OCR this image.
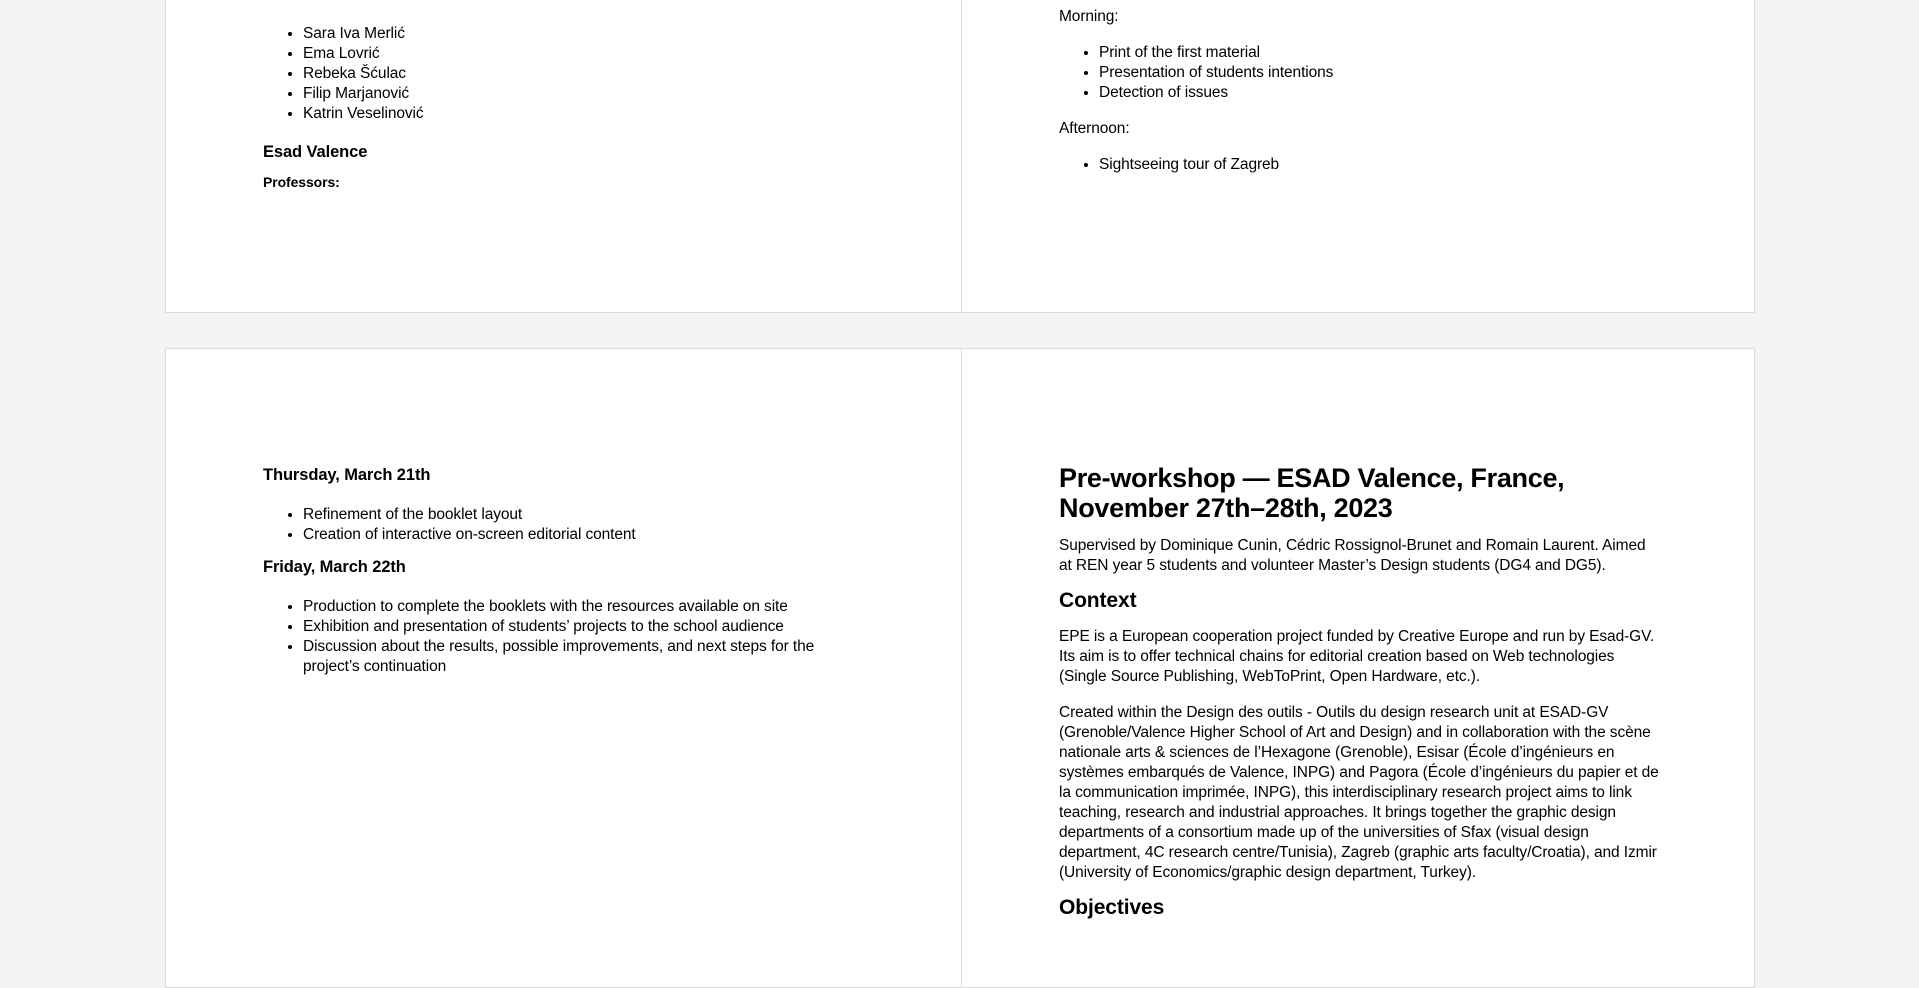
• Sara Iva Merlić
• Ema Lovrić
• Rebeka Šćulac
• Filip Marjanović
• Katrin Veselinović

Esad Valence

Professors:

Morning:

• Print of the first material
• Presentation of students intentions
• Detection of issues

Afternoon:

• Sightseeing tour of Zagreb

Thursday, March 21th

• Refinement of the booklet layout
• Creation of interactive on-screen editorial content

Friday, March 22th

• Production to complete the booklets with the resources available on site
• Exhibition and presentation of students’ projects to the school audience
• Discussion about the results, possible improvements, and next steps for the project’s continuation

Pre-workshop — ESAD Valence, France, November 27th–28th, 2023

Supervised by Dominique Cunin, Cédric Rossignol-Brunet and Romain Laurent. Aimed at REN year 5 students and volunteer Master’s Design students (DG4 and DG5).

Context

EPE is a European cooperation project funded by Creative Europe and run by Esad-GV. Its aim is to offer technical chains for editorial creation based on Web technologies (Single Source Publishing, WebToPrint, Open Hardware, etc.).

Created within the Design des outils - Outils du design research unit at ESAD-GV (Grenoble/Valence Higher School of Art and Design) and in collaboration with the scène nationale arts & sciences de l’Hexagone (Grenoble), Esisar (École d’ingénieurs en systèmes embarqués de Valence, INPG) and Pagora (École d’ingénieurs du papier et de la communication imprimée, INPG), this interdisciplinary research project aims to link teaching, research and industrial approaches. It brings together the graphic design departments of a consortium made up of the universities of Sfax (visual design department, 4C research centre/Tunisia), Zagreb (graphic arts faculty/Croatia), and Izmir (University of Economics/graphic design department, Turkey).

Objectives
